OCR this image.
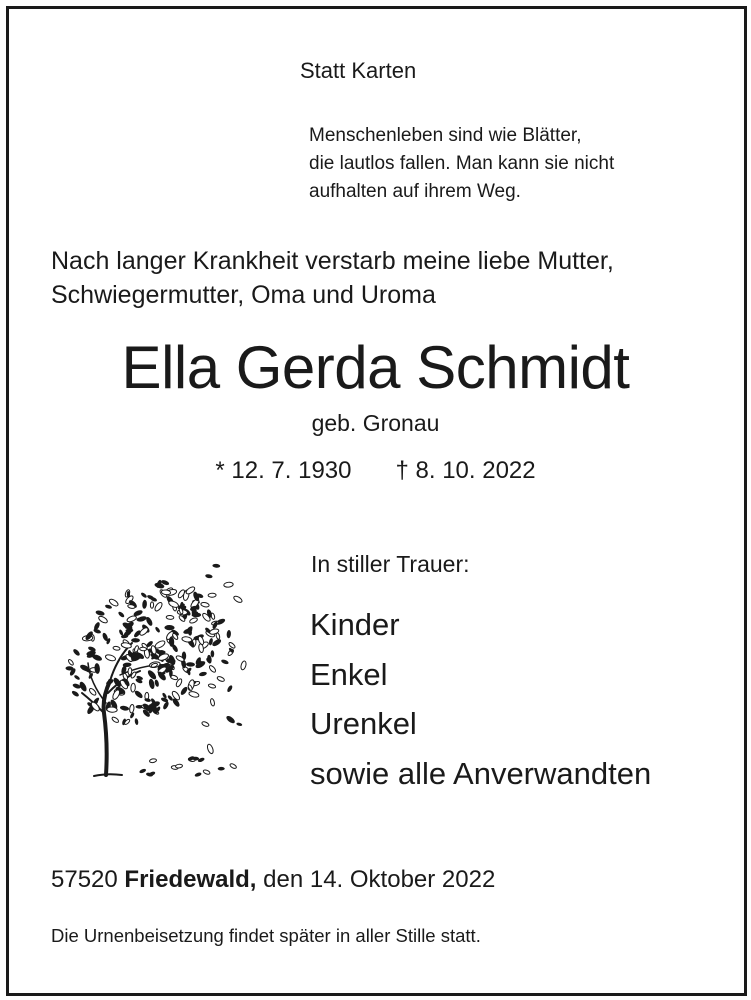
Statt Karten
Menschenleben sind wie Blätter,
die lautlos fallen. Man kann sie nicht
aufhalten auf ihrem Weg.
Nach langer Krankheit verstarb meine liebe Mutter,
Schwiegermutter, Oma und Uroma
Ella Gerda Schmidt
geb. Gronau
* 12. 7. 1930 † 8. 10. 2022
In stiller Trauer:
Kinder
Enkel
Urenkel
sowie alle Anverwandten
57520 Friedewald, den 14. Oktober 2022
Die Urnenbeisetzung findet später in aller Stille statt.
